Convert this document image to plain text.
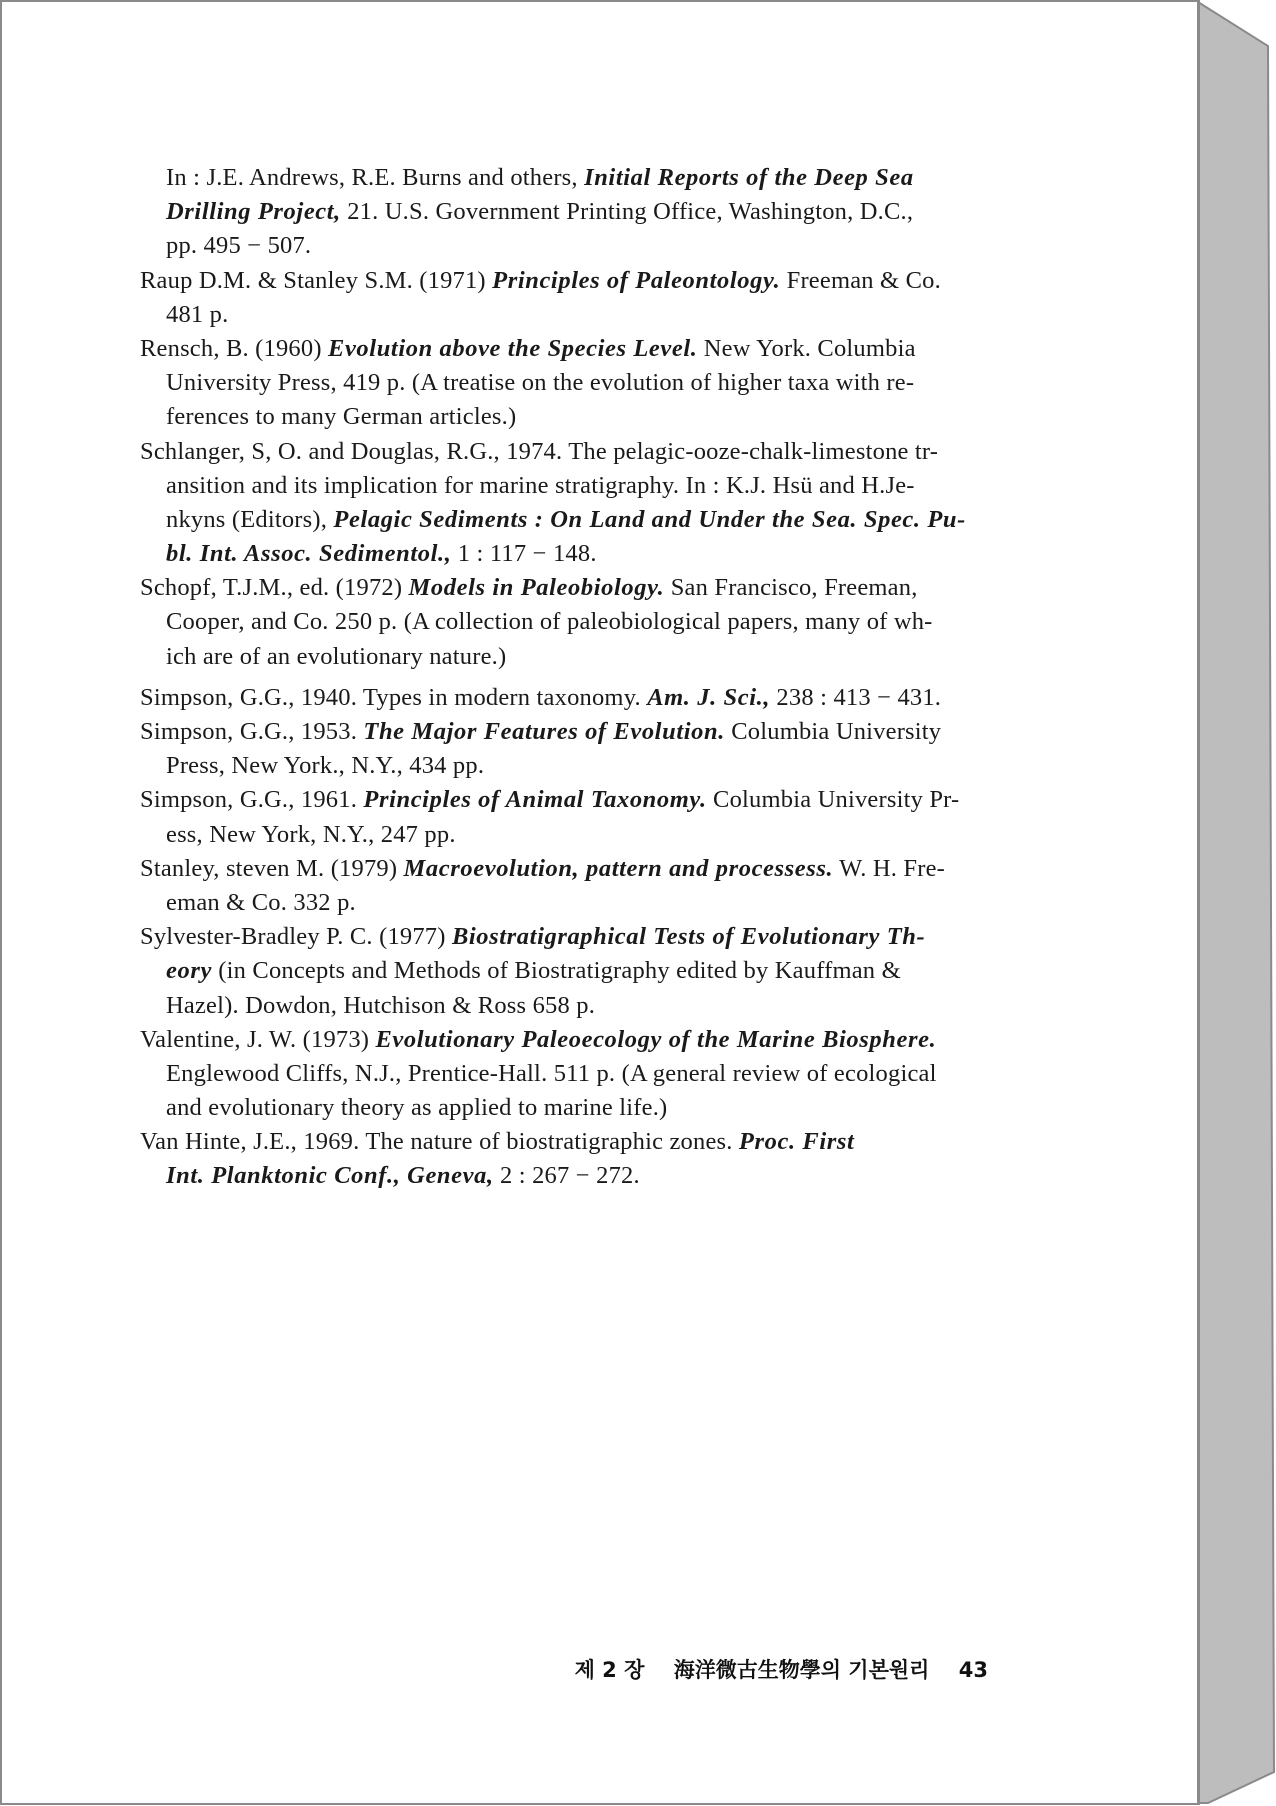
In : J.E. Andrews, R.E. Burns and others, Initial Reports of the Deep Sea
Drilling Project, 21. U.S. Government Printing Office, Washington, D.C.,
pp. 495 − 507.
Raup D.M. & Stanley S.M. (1971) Principles of Paleontology. Freeman & Co.
481 p.
Rensch, B. (1960) Evolution above the Species Level. New York. Columbia
University Press, 419 p. (A treatise on the evolution of higher taxa with re-
ferences to many German articles.)
Schlanger, S, O. and Douglas, R.G., 1974. The pelagic-ooze-chalk-limestone tr-
ansition and its implication for marine stratigraphy. In : K.J. Hsü and H.Je-
nkyns (Editors), Pelagic Sediments : On Land and Under the Sea. Spec. Pu-
bl. Int. Assoc. Sedimentol., 1 : 117 − 148.
Schopf, T.J.M., ed. (1972) Models in Paleobiology. San Francisco, Freeman,
Cooper, and Co. 250 p. (A collection of paleobiological papers, many of wh-
ich are of an evolutionary nature.)
Simpson, G.G., 1940. Types in modern taxonomy. Am. J. Sci., 238 : 413 − 431.
Simpson, G.G., 1953. The Major Features of Evolution. Columbia University
Press, New York., N.Y., 434 pp.
Simpson, G.G., 1961. Principles of Animal Taxonomy. Columbia University Pr-
ess, New York, N.Y., 247 pp.
Stanley, steven M. (1979) Macroevolution, pattern and processess. W. H. Fre-
eman & Co. 332 p.
Sylvester-Bradley P. C. (1977) Biostratigraphical Tests of Evolutionary Th-
eory (in Concepts and Methods of Biostratigraphy edited by Kauffman &
Hazel). Dowdon, Hutchison & Ross 658 p.
Valentine, J. W. (1973) Evolutionary Paleoecology of the Marine Biosphere.
Englewood Cliffs, N.J., Prentice-Hall. 511 p. (A general review of ecological
and evolutionary theory as applied to marine life.)
Van Hinte, J.E., 1969. The nature of biostratigraphic zones. Proc. First
Int. Planktonic Conf., Geneva, 2 : 267 − 272.
제 2 장 海洋微古生物學의 기본원리 43
